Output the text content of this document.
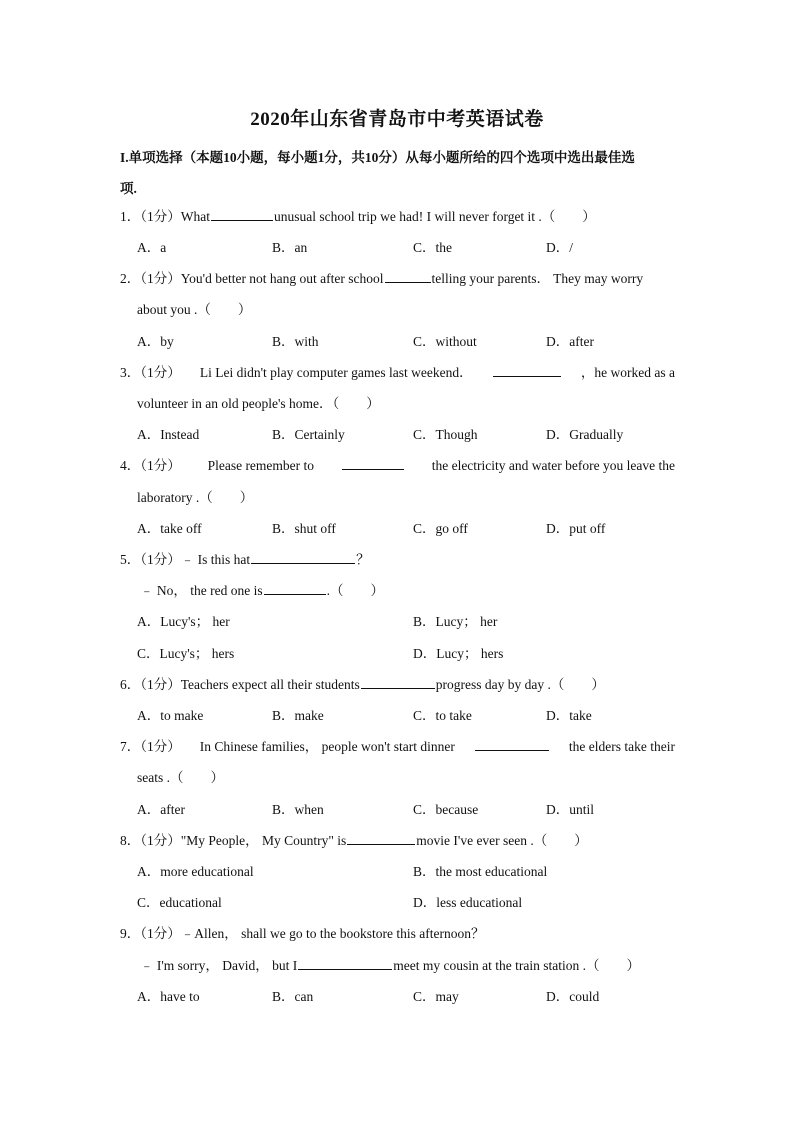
2020年山东省青岛市中考英语试卷
I.单项选择（本题10小题，每小题1分，共10分）从每小题所给的四个选项中选出最佳选
项.
1．（1分）What	unusual school trip we had! I will never forget it .（　　）
A．a	B．an	C．the	D．/
2．（1分） You'd better not hang out after school	telling your parents． They may worry
about you .（　　）
A．by	B．with	C．without	D．after
3．（1分） Li Lei didn't play computer games last weekend．	，he worked as a
volunteer in an old people's home．（　　）
A．Instead	B．Certainly	C．Though	D．Gradually
4．（1分） Please remember to	the electricity and water before you leave the
laboratory .（　　）
A．take off	B．shut off	C．go off	D．put off
5．（1分）﹣ Is this hat	？
﹣ No， the red one is	.（　　）
A．Lucy's； her	B．Lucy； her
C．Lucy's； hers	D．Lucy； hers
6．（1分）Teachers expect all their students	progress day by day .（　　）
A．to make	B．make	C．to take	D．take
7．（1分） In Chinese families， people won't start dinner	the elders take their
seats .（　　）
A．after	B．when	C．because	D．until
8．（1分）"My People， My Country" is	movie I've ever seen .（　　）
A．more educational	B．the most educational
C．educational	D．less educational
9．（1分）﹣Allen， shall we go to the bookstore this afternoon？
﹣ I'm sorry， David， but I	meet my cousin at the train station .（　　）
A．have to	B．can	C．may	D．could
